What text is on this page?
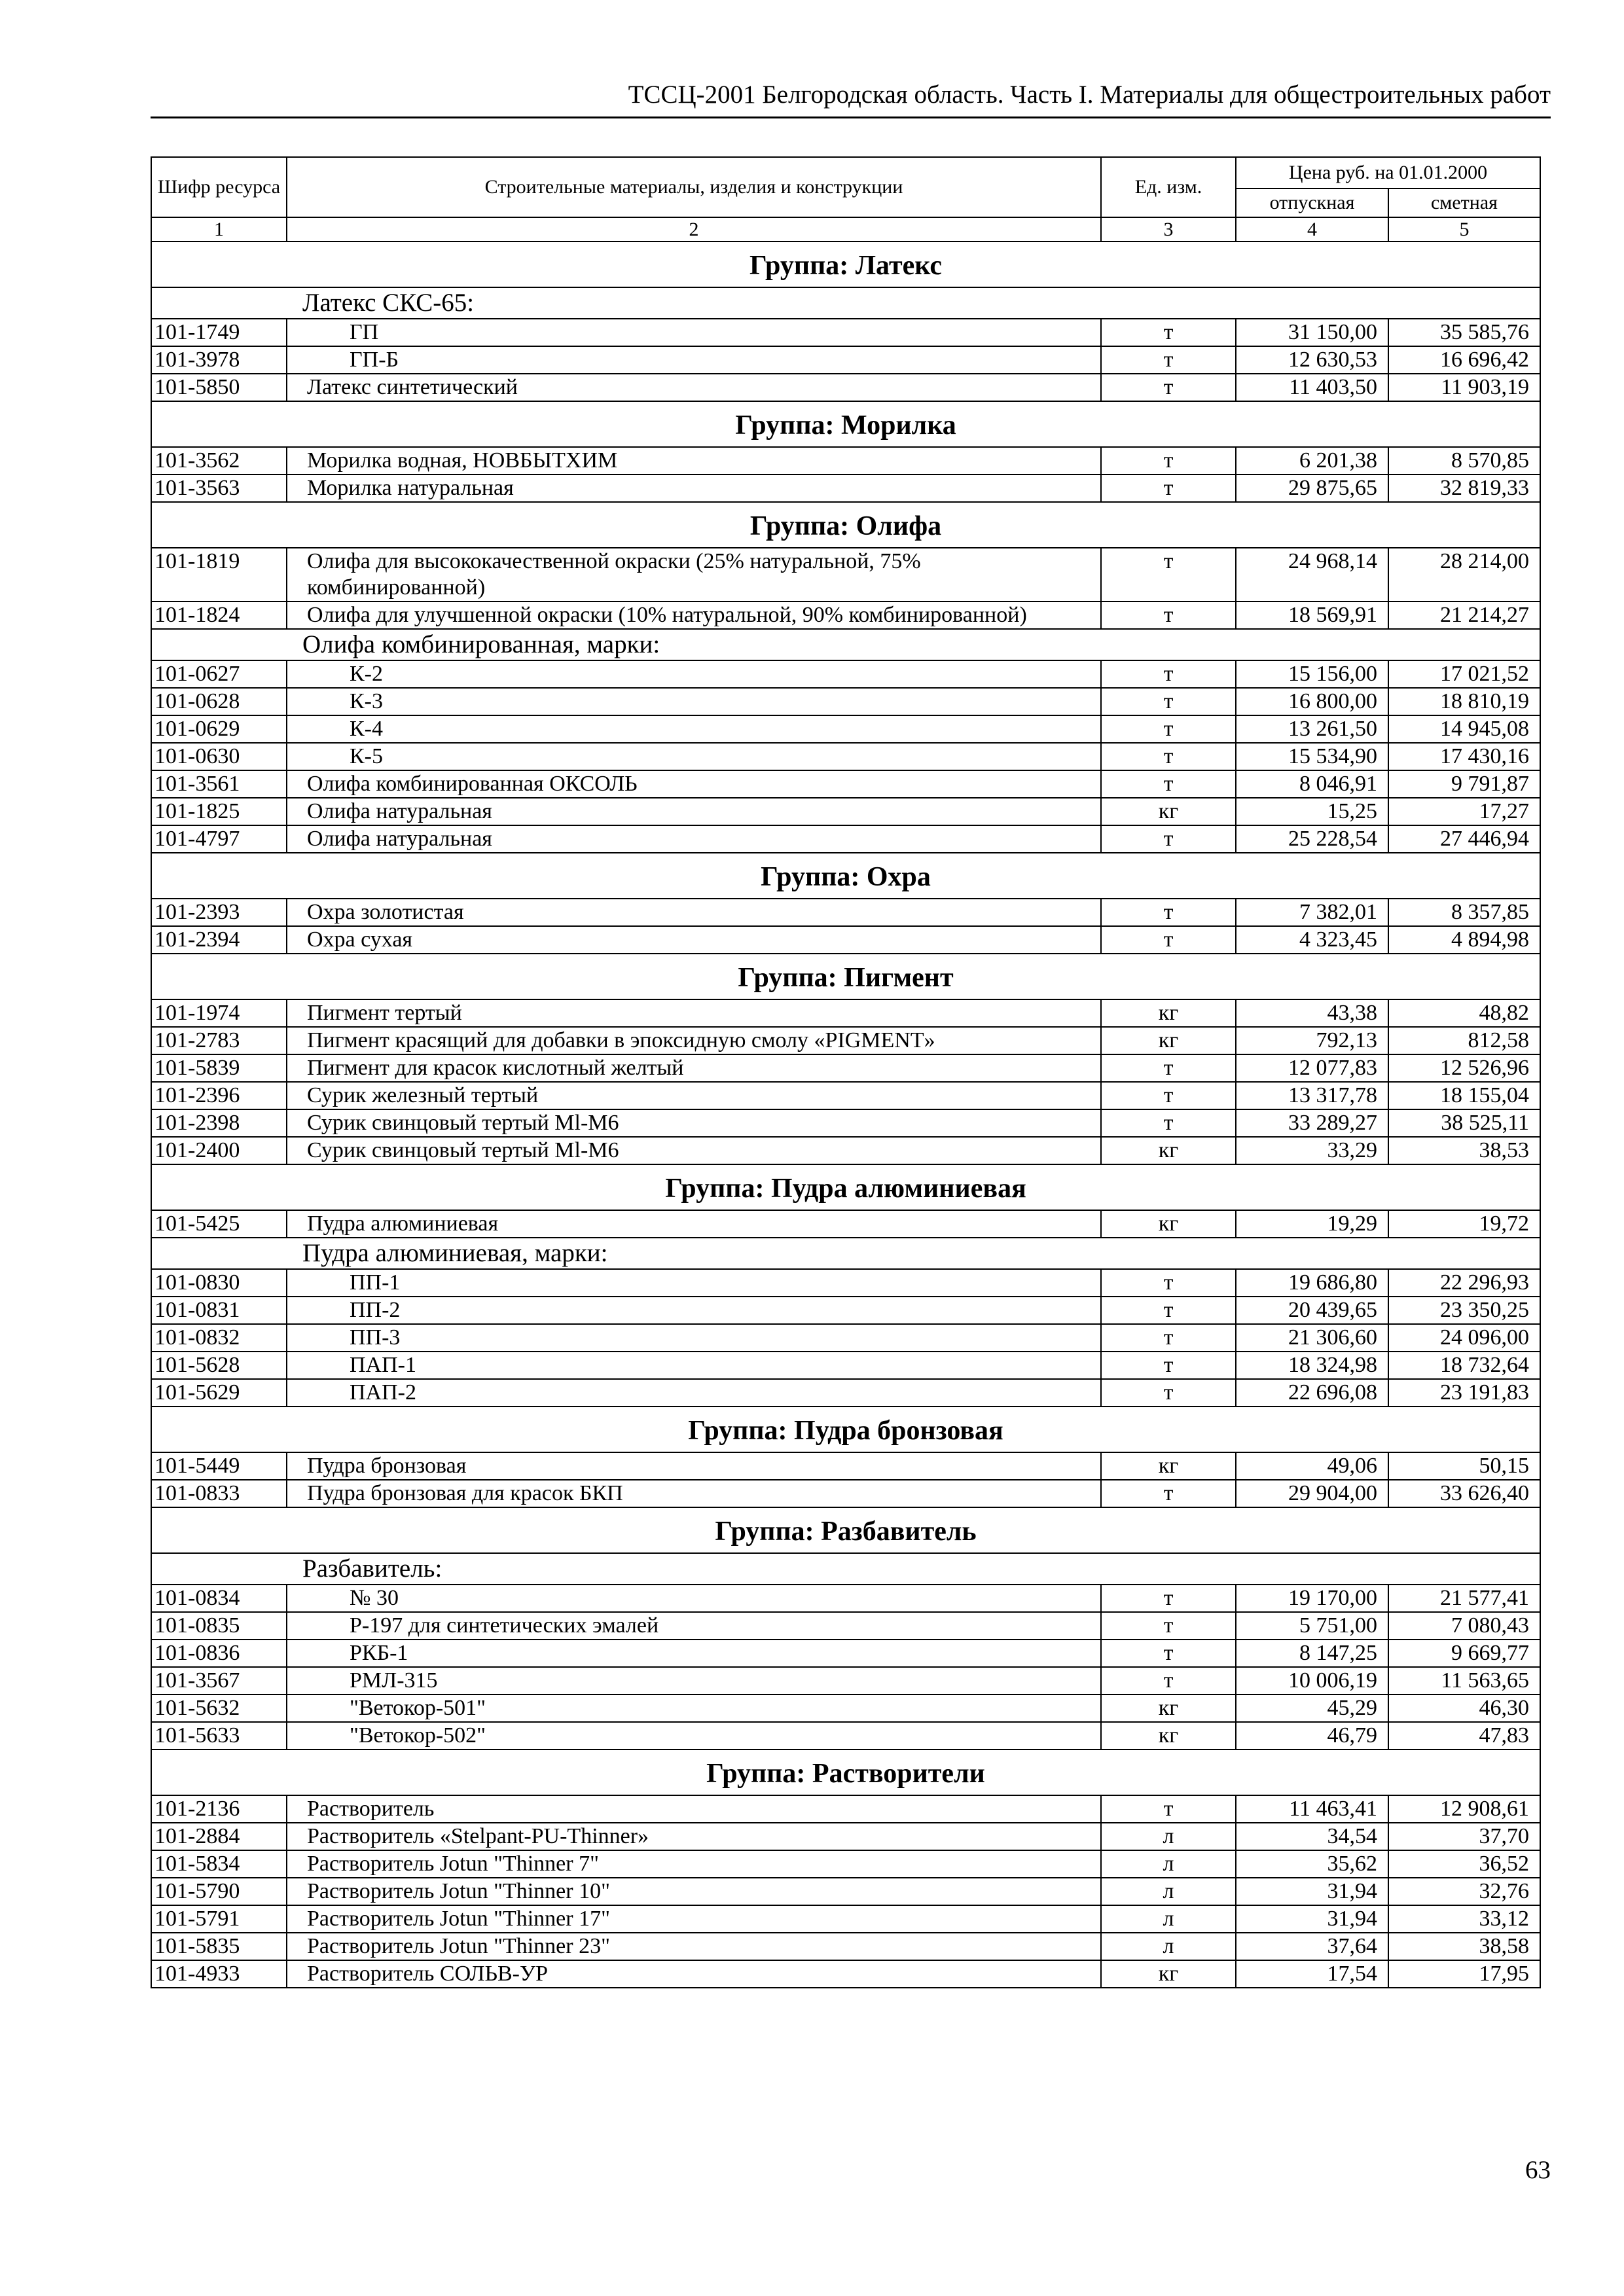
ТССЦ-2001 Белгородская область. Часть I. Материалы для общестроительных работ
Шифр ресурса	Строительные материалы, изделия и конструкции	Ед. изм.	Цена руб. на 01.01.2000	
			отпускная	сметная
1	2	3	4	5
Группа: Латекс				
Латекс СКС-65:				
101-1749	ГП	т	31 150,00	35 585,76
101-3978	ГП-Б	т	12 630,53	16 696,42
101-5850	Латекс синтетический	т	11 403,50	11 903,19
Группа: Морилка				
101-3562	Морилка водная, НОВБЫТХИМ	т	6 201,38	8 570,85
101-3563	Морилка натуральная	т	29 875,65	32 819,33
Группа: Олифа				
101-1819	Олифа для высококачественной окраски (25% натуральной, 75% комбинированной)	т	24 968,14	28 214,00
101-1824	Олифа для улучшенной окраски (10% натуральной, 90% комбинированной)	т	18 569,91	21 214,27
Олифа комбинированная, марки:				
101-0627	К-2	т	15 156,00	17 021,52
101-0628	К-3	т	16 800,00	18 810,19
101-0629	К-4	т	13 261,50	14 945,08
101-0630	К-5	т	15 534,90	17 430,16
101-3561	Олифа комбинированная ОКСОЛЬ	т	8 046,91	9 791,87
101-1825	Олифа натуральная	кг	15,25	17,27
101-4797	Олифа натуральная	т	25 228,54	27 446,94
Группа: Охра				
101-2393	Охра золотистая	т	7 382,01	8 357,85
101-2394	Охра сухая	т	4 323,45	4 894,98
Группа: Пигмент				
101-1974	Пигмент тертый	кг	43,38	48,82
101-2783	Пигмент красящий для добавки в эпоксидную смолу «PIGMENT»	кг	792,13	812,58
101-5839	Пигмент для красок кислотный желтый	т	12 077,83	12 526,96
101-2396	Сурик железный тертый	т	13 317,78	18 155,04
101-2398	Сурик свинцовый тертый Ml-М6	т	33 289,27	38 525,11
101-2400	Сурик свинцовый тертый Ml-М6	кг	33,29	38,53
Группа: Пудра алюминиевая				
101-5425	Пудра алюминиевая	кг	19,29	19,72
Пудра алюминиевая, марки:				
101-0830	ПП-1	т	19 686,80	22 296,93
101-0831	ПП-2	т	20 439,65	23 350,25
101-0832	ПП-3	т	21 306,60	24 096,00
101-5628	ПАП-1	т	18 324,98	18 732,64
101-5629	ПАП-2	т	22 696,08	23 191,83
Группа: Пудра бронзовая				
101-5449	Пудра бронзовая	кг	49,06	50,15
101-0833	Пудра бронзовая для красок БКП	т	29 904,00	33 626,40
Группа: Разбавитель				
Разбавитель:				
101-0834	№ 30	т	19 170,00	21 577,41
101-0835	Р-197 для синтетических эмалей	т	5 751,00	7 080,43
101-0836	РКБ-1	т	8 147,25	9 669,77
101-3567	РМЛ-315	т	10 006,19	11 563,65
101-5632	"Ветокор-501"	кг	45,29	46,30
101-5633	"Ветокор-502"	кг	46,79	47,83
Группа: Растворители				
101-2136	Растворитель	т	11 463,41	12 908,61
101-2884	Растворитель «Stelpant-PU-Thinner»	л	34,54	37,70
101-5834	Растворитель Jotun "Thinner 7"	л	35,62	36,52
101-5790	Растворитель Jotun "Thinner 10"	л	31,94	32,76
101-5791	Растворитель Jotun "Thinner 17"	л	31,94	33,12
101-5835	Растворитель Jotun "Thinner 23"	л	37,64	38,58
101-4933	Растворитель СОЛЬВ-УР	кг	17,54	17,95
63
